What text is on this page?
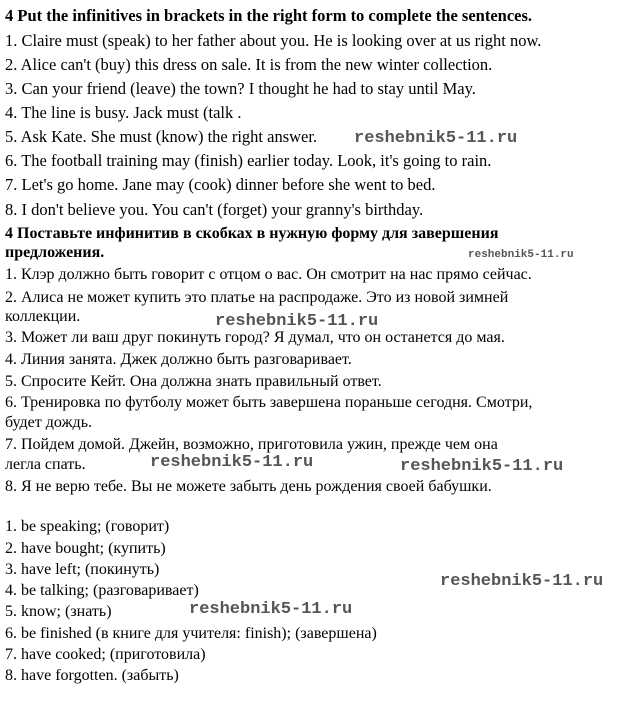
4 Put the infinitives in brackets in the right form to complete the sentences.
1. Claire must (speak) to her father about you. He is looking over at us right now.
2. Alice can't (buy) this dress on sale. It is from the new winter collection.
3. Can your friend (leave) the town? I thought he had to stay until May.
4. The line is busy. Jack must (talk .
5. Ask Kate. She must (know) the right answer.
6. The football training may (finish) earlier today. Look, it's going to rain.
7. Let's go home. Jane may (cook) dinner before she went to bed.
8. I don't believe you. You can't (forget) your granny's birthday.
4 Поставьте инфинитив в скобках в нужную форму для завершения
предложения.
1. Клэр должно быть говорит с отцом о вас. Он смотрит на нас прямо сейчас.
2. Алиса не может купить это платье на распродаже. Это из новой зимней
коллекции.
3. Может ли ваш друг покинуть город? Я думал, что он останется до мая.
4. Линия занята. Джек должно быть разговаривает.
5. Спросите Кейт. Она должна знать правильный ответ.
6. Тренировка по футболу может быть завершена пораньше сегодня. Смотри,
будет дождь.
7. Пойдем домой. Джейн, возможно, приготовила ужин, прежде чем она
легла спать.
8. Я не верю тебе. Вы не можете забыть день рождения своей бабушки.
1. be speaking; (говорит)
2. have bought; (купить)
3. have left; (покинуть)
4. be talking; (разговаривает)
5. know; (знать)
6. be finished (в книге для учителя: finish); (завершена)
7. have cooked; (приготовила)
8. have forgotten. (забыть)
reshebnik5-11.ru
reshebnik5-11.ru
reshebnik5-11.ru
reshebnik5-11.ru	reshebnik5-11.ru
reshebnik5-11.ru
reshebnik5-11.ru
